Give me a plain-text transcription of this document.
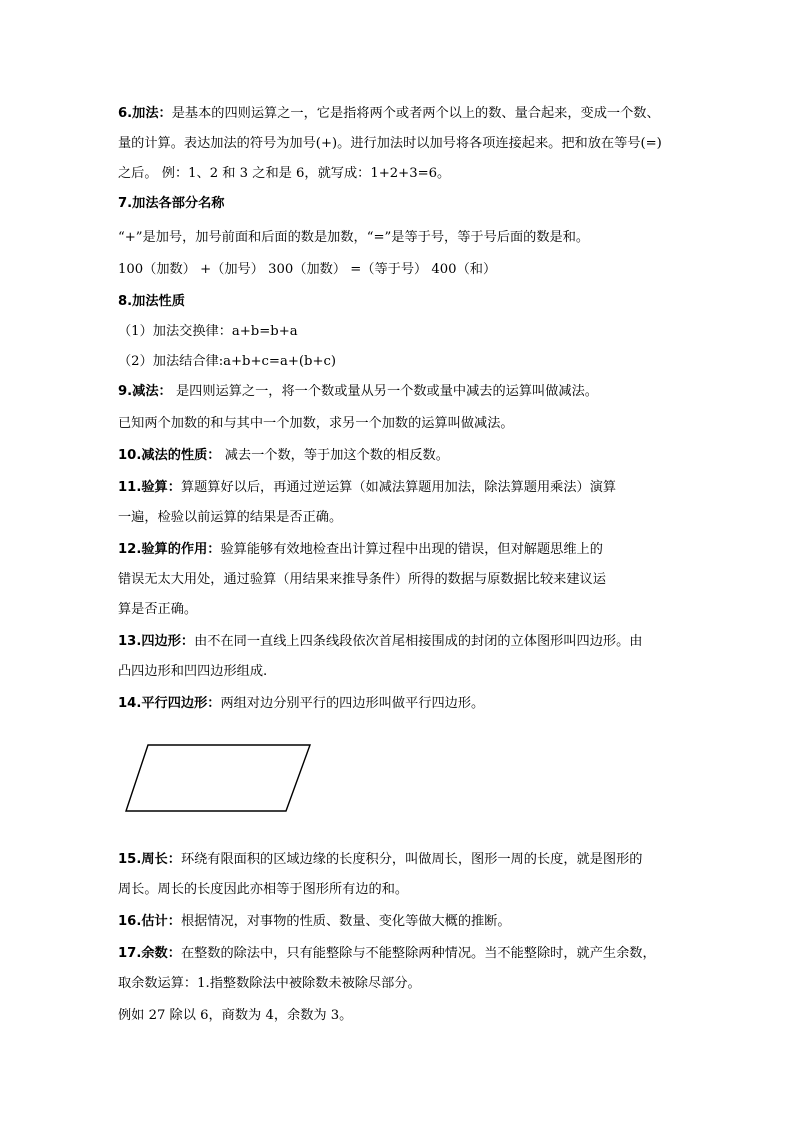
6.加法：是基本的四则运算之一，它是指将两个或者两个以上的数、量合起来，变成一个数、
量的计算。表达加法的符号为加号(+)。进行加法时以加号将各项连接起来。把和放在等号(=)
之后。 例：1、2 和 3 之和是 6，就写成：1+2+3=6。
7.加法各部分名称
“+”是加号，加号前面和后面的数是加数，“=”是等于号，等于号后面的数是和。
100（加数） +（加号） 300（加数） =（等于号） 400（和）
8.加法性质
（1）加法交换律：a+b=b+a
（2）加法结合律:a+b+c=a+(b+c)
9.减法： 是四则运算之一，将一个数或量从另一个数或量中减去的运算叫做减法。
已知两个加数的和与其中一个加数，求另一个加数的运算叫做减法。
10.减法的性质： 减去一个数，等于加这个数的相反数。
11.验算：算题算好以后，再通过逆运算（如减法算题用加法，除法算题用乘法）演算
一遍，检验以前运算的结果是否正确。
12.验算的作用：验算能够有效地检查出计算过程中出现的错误，但对解题思维上的
错误无太大用处，通过验算（用结果来推导条件）所得的数据与原数据比较来建议运
算是否正确。
13.四边形：由不在同一直线上四条线段依次首尾相接围成的封闭的立体图形叫四边形。由
凸四边形和凹四边形组成.
14.平行四边形：两组对边分别平行的四边形叫做平行四边形。
15.周长：环绕有限面积的区域边缘的长度积分，叫做周长，图形一周的长度，就是图形的
周长。周长的长度因此亦相等于图形所有边的和。
16.估计：根据情况，对事物的性质、数量、变化等做大概的推断。
17.余数：在整数的除法中，只有能整除与不能整除两种情况。当不能整除时，就产生余数，
取余数运算：1.指整数除法中被除数未被除尽部分。
例如 27 除以 6，商数为 4，余数为 3。
